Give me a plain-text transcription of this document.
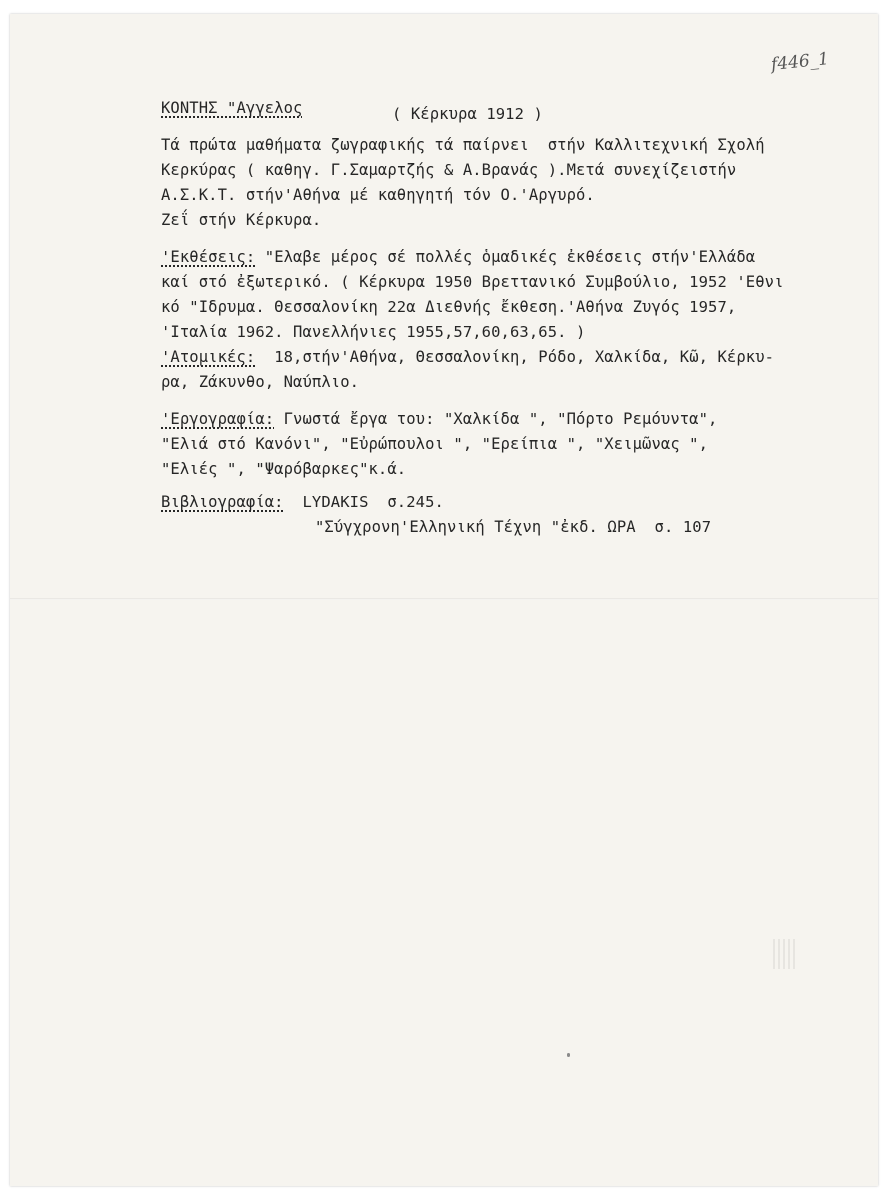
f446_1
ΚΟΝΤΗΣ "Αγγελος	( Κέρκυρα 1912 )
Τά πρώτα μαθήματα ζωγραφικής τά παίρνει  στήν Καλλιτεχνική Σχολή
Κερκύρας ( καθηγ. Γ.Σαμαρτζής & Α.Βρανάς ).Μετά συνεχίζειστήν
Α.Σ.Κ.Τ. στήν'Αθήνα μέ καθηγητή τόν Ο.'Αργυρό.
Ζεΐ στήν Κέρκυρα.
'Εκθέσεις: "Ελαβε μέρος σέ πολλές ὁμαδικές ἐκθέσεις στήν'Ελλάδα
καί στό ἐξωτερικό. ( Κέρκυρα 1950 Βρεττανικό Συμβούλιο, 1952 'Εθνι
κό "Ιδρυμα. Θεσσαλονίκη 22α Διεθνής ἔκθεση.'Αθήνα Ζυγός 1957,
'Ιταλία 1962. Πανελλήνιες 1955,57,60,63,65. )
'Ατομικές:  18,στήν'Αθήνα, Θεσσαλονίκη, Ρόδο, Χαλκίδα, Κῶ, Κέρκυ-
ρα, Ζάκυνθο, Ναύπλιο.
'Εργογραφία: Γνωστά ἔργα του: "Χαλκίδα ", "Πόρτο Ρεμόυντα",
"Ελιά στό Κανόνι", "Εὐρώπουλοι ", "Ερείπια ", "Χειμῶνας ",
"Ελιές ", "Ψαρόβαρκες"κ.ά.
Βιβλιογραφία:  LYDAKIS  σ.245.
"Σύγχρονη'Ελληνική Τέχνη "ἐκδ. ΩΡΑ  σ. 107
